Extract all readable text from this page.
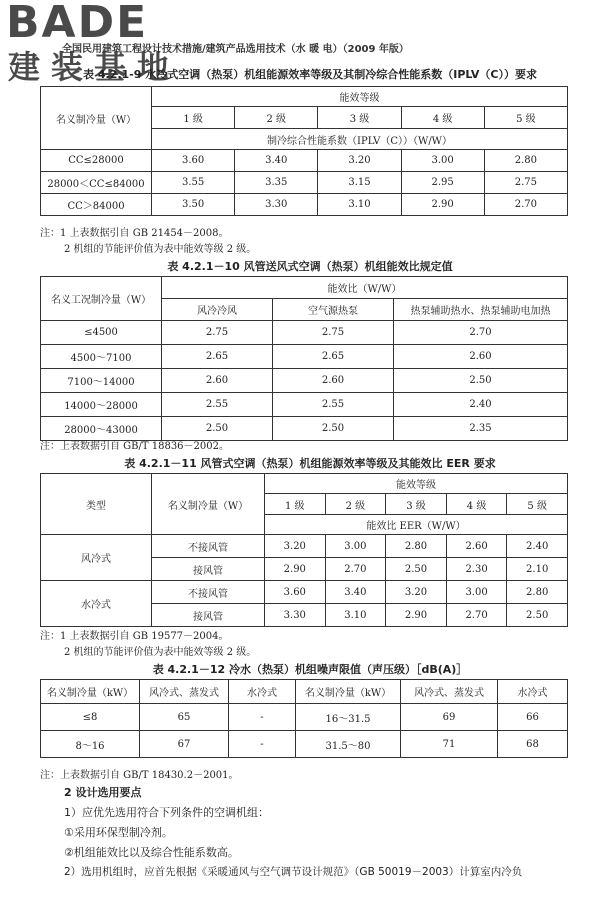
BADE
建装基地
全国民用建筑工程设计技术措施/建筑产品选用技术（水 暖 电）（2009 年版）
表 4.2.1-9 水冷式空调（热泵）机组能源效率等级及其制冷综合性能系数（IPLV（C））要求
名义制冷量（W）	能效等级				
	1 级	2 级	3 级	4 级	5 级
	制冷综合性能系数（IPLV（C））（W/W）				
CC≤28000	3.60	3.40	3.20	3.00	2.80
28000＜CC≤84000	3.55	3.35	3.15	2.95	2.75
CC＞84000	3.50	3.30	3.10	2.90	2.70
注：1 上表数据引自 GB 21454－2008。
2 机组的节能评价值为表中能效等级 2 级。
表 4.2.1－10 风管送风式空调（热泵）机组能效比规定值
名义工况制冷量（W）	能效比（W/W）		
	风冷冷风	空气源热泵	热泵辅助热水、热泵辅助电加热
≤4500	2.75	2.75	2.70
4500～7100	2.65	2.65	2.60
7100～14000	2.60	2.60	2.50
14000～28000	2.55	2.55	2.40
28000～43000	2.50	2.50	2.35
注：上表数据引自 GB/T 18836－2002。
表 4.2.1－11 风管式空调（热泵）机组能源效率等级及其能效比 EER 要求
类型	名义制冷量（W）	能效等级				
		1 级	2 级	3 级	4 级	5 级
		能效比 EER（W/W）				
风冷式	不接风管	3.20	3.00	2.80	2.60	2.40
	接风管	2.90	2.70	2.50	2.30	2.10
水冷式	不接风管	3.60	3.40	3.20	3.00	2.80
	接风管	3.30	3.10	2.90	2.70	2.50
注：1 上表数据引自 GB 19577－2004。
2 机组的节能评价值为表中能效等级 2 级。
表 4.2.1－12 冷水（热泵）机组噪声限值（声压级）［dB(A)］
名义制冷量（kW）	风冷式、蒸发式	水冷式	名义制冷量（kW）	风冷式、蒸发式	水冷式
≤8	65	-	16～31.5	69	66
8～16	67	-	31.5～80	71	68
注：上表数据引自 GB/T 18430.2－2001。
2 设计选用要点
1）应优先选用符合下列条件的空调机组：
①采用环保型制冷剂。
②机组能效比以及综合性能系数高。
2）选用机组时，应首先根据《采暖通风与空气调节设计规范》（GB 50019－2003）计算室内冷负
